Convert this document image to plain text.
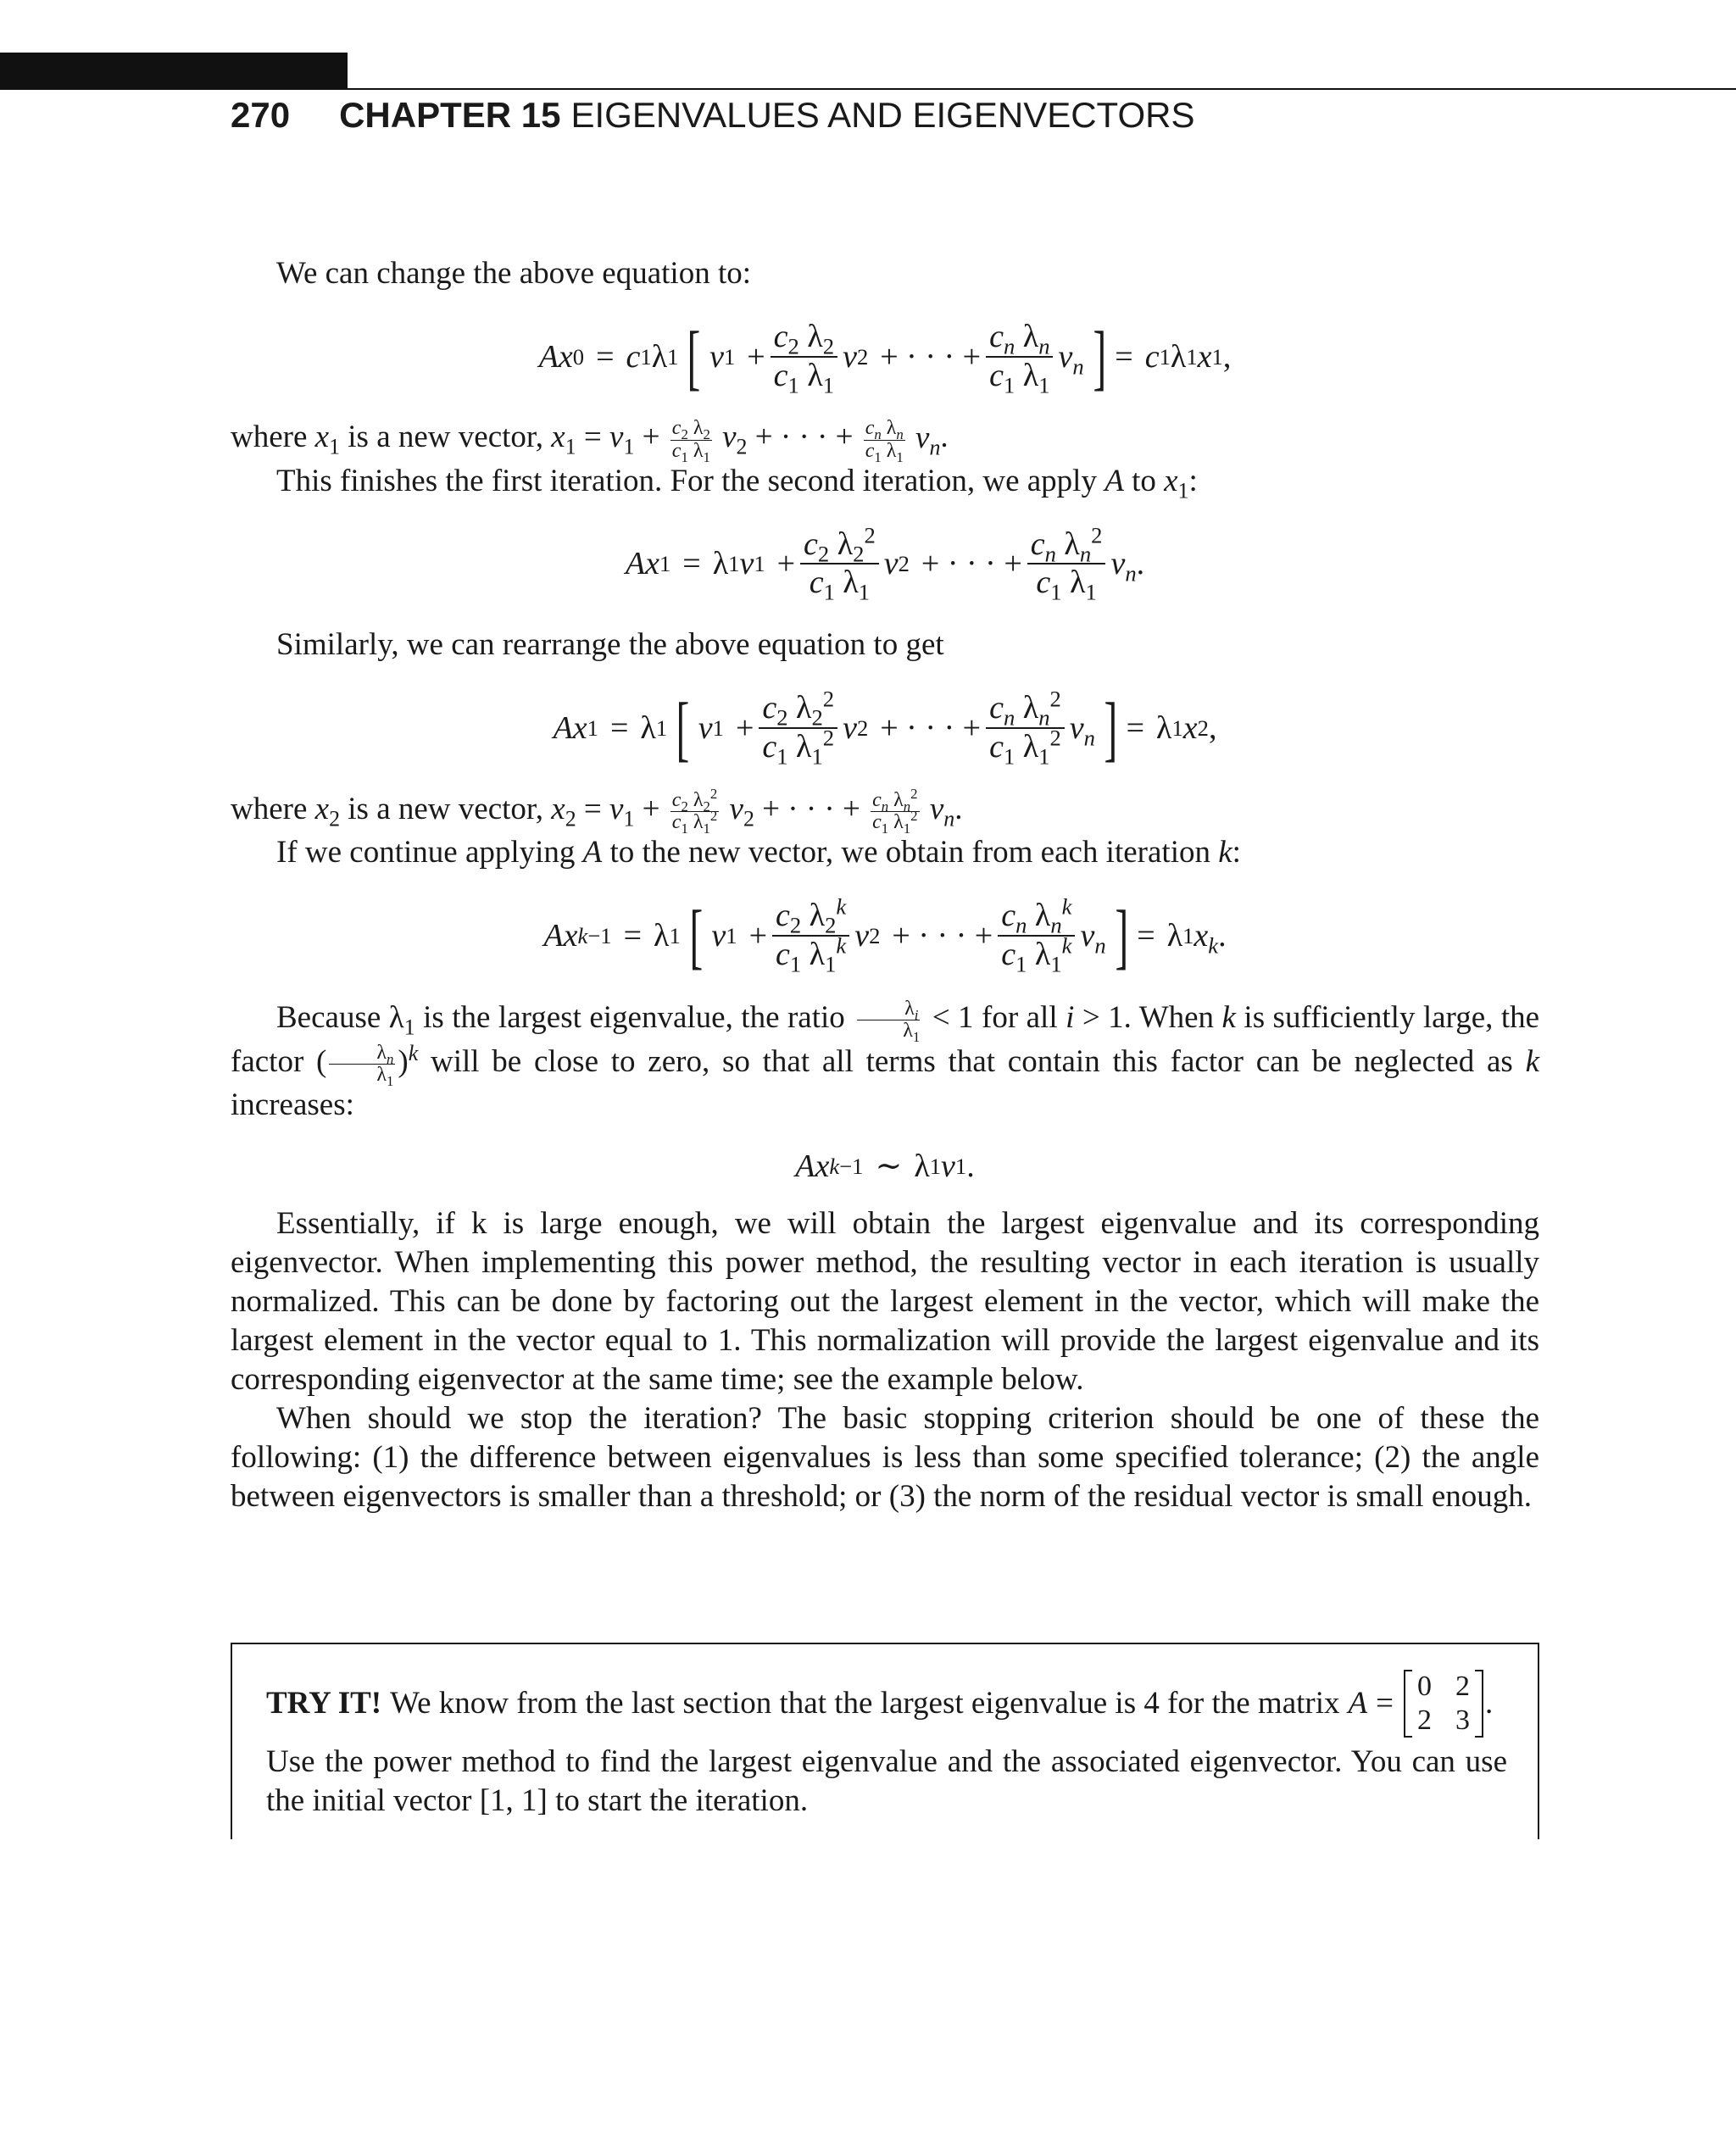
270 CHAPTER 15 EIGENVALUES AND EIGENVECTORS

We can change the above equation to:

A x 0 = c 1 λ 1 [ v $1 + \frac{c_2 \lambda_2}{c_1 \lambda_1}$ v 2 + · · · + $\frac{c_n \lambda_n}{c_1 \lambda_1} v_n$ ] = c 1 λ 1 x 1 ,

where $x_1$ is a new vector, $x_1 = v_1 + \frac{c_2 \lambda_2}{c_1 \lambda_1} v_2$ + · · · + $\frac{c_n \lambda_n}{c_1 \lambda_1} v_n$.

This finishes the first iteration. For the second iteration, we apply A to $x_1$:

A x 1 = λ 1 v $1 + \frac{c_2 \lambda_2^2}{c_1 \lambda_1}$ v 2 + · · · + $\frac{c_n \lambda_n^2}{c_1 \lambda_1} v_n$ .

Similarly, we can rearrange the above equation to get

A x 1 = λ 1 [ v $1 + \frac{c_2 \lambda_2^2}{c_1 \lambda_1^2}$ v 2 + · · · + $\frac{c_n \lambda_n^2}{c_1 \lambda_1^2} v_n$ ] = λ 1 x 2 ,

where $x_2$ is a new vector, $x_2 = v_1 + \frac{c_2 \lambda_2^2}{c_1 \lambda_1^2} v_2$ + · · · + $\frac{c_n \lambda_n^2}{c_1 \lambda_1^2} v_n$.

If we continue applying A to the new vector, we obtain from each iteration k:

A x k−1 = λ 1 [ v $1 + \frac{c_2 \lambda_2^k}{c_1 \lambda_1^k}$ v 2 + · · · + $\frac{c_n \lambda_n^k}{c_1 \lambda_1^k} v_n$ ] = λ 1 $x_k$ .

Because $\lambda_1$ is the largest eigenvalue, the ratio $\frac{\lambda_i}{\lambda_1} < 1$ for all i > 1. When k is sufficiently large, the factor ( $\frac{\lambda_n}{\lambda_1} )^k$ will be close to zero, so that all terms that contain this factor can be neglected as k increases:

A x k−1 ∼ λ 1 v 1 .

Essentially, if k is large enough, we will obtain the largest eigenvalue and its corresponding eigenvector. When implementing this power method, the resulting vector in each iteration is usually normalized. This can be done by factoring out the largest element in the vector, which will make the largest element in the vector equal to 1. This normalization will provide the largest eigenvalue and its corresponding eigenvector at the same time; see the example below.

When should we stop the iteration? The basic stopping criterion should be one of these the following: (1) the difference between eigenvalues is less than some specified tolerance; (2) the angle between eigenvectors is smaller than a threshold; or (3) the norm of the residual vector is small enough.

TRY IT! We know from the last section that the largest eigenvalue is 4 for the matrix A = 0	2
2	3 .

Use the power method to find the largest eigenvalue and the associated eigenvector. You can use the initial vector [1, 1] to start the iteration.
